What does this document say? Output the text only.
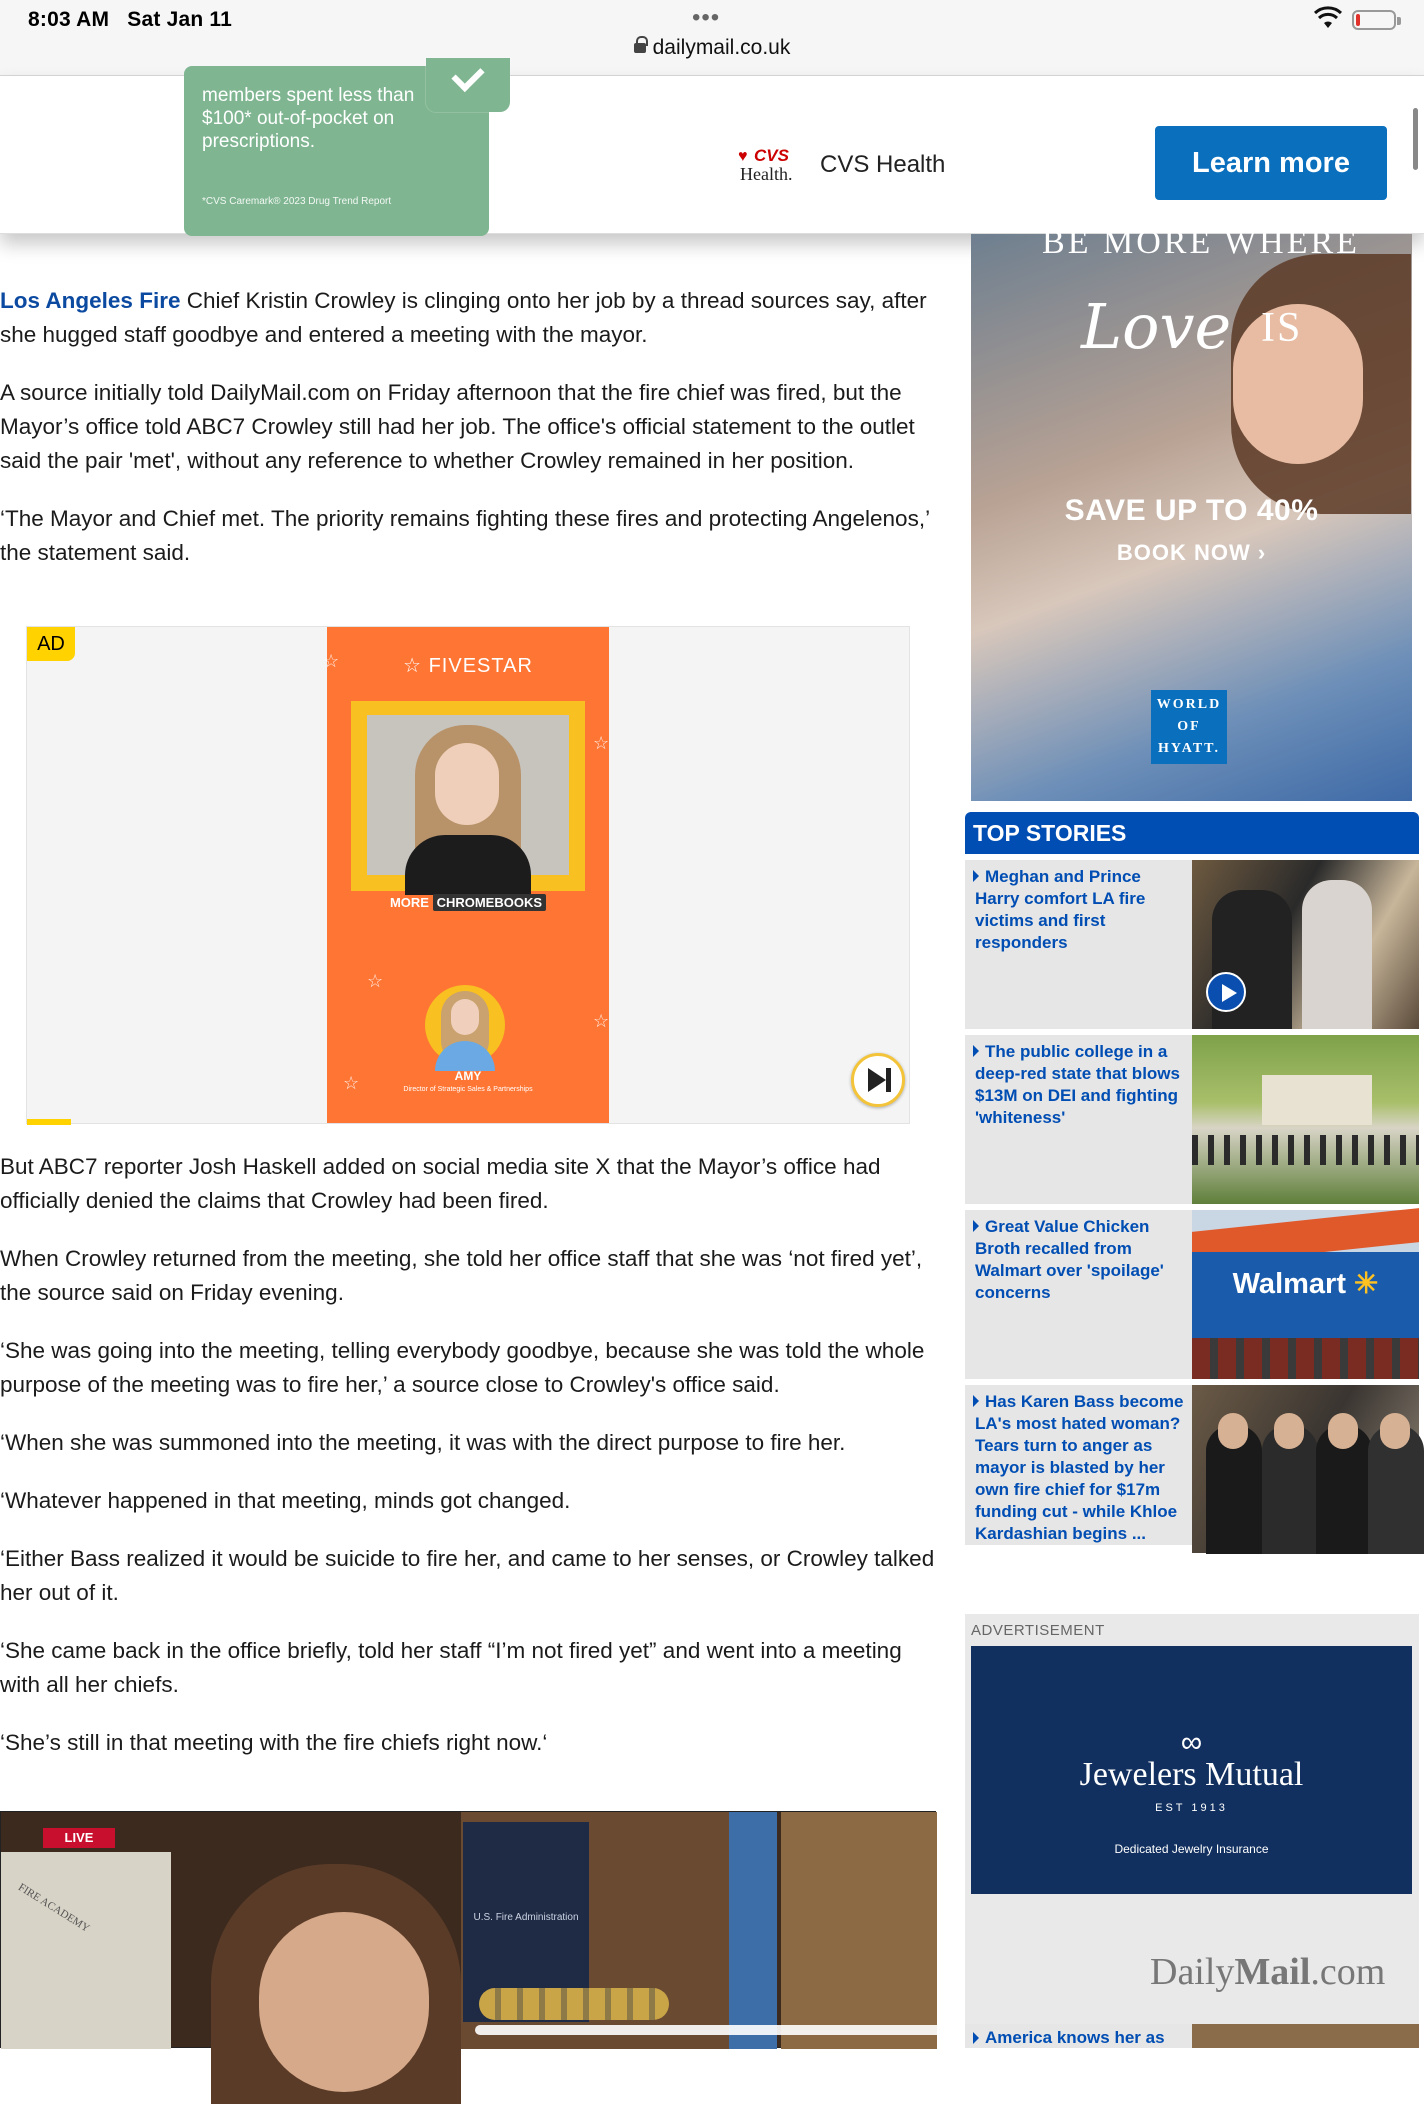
8:03 AM Sat Jan 11	•••
dailymail.co.uk
members spent less than $100* out-of-pocket on prescriptions.
*CVS Caremark® 2023 Drug Trend Report
♥ CVS
Health. CVS Health	Learn more

Los Angeles Fire Chief Kristin Crowley is clinging onto her job by a thread sources say, after she hugged staff goodbye and entered a meeting with the mayor.

A source initially told DailyMail.com on Friday afternoon that the fire chief was fired, but the Mayor’s office told ABC7 Crowley still had her job. The office's official statement to the outlet said the pair 'met', without any reference to whether Crowley remained in her position.

‘The Mayor and Chief met. The priority remains fighting these fires and protecting Angelenos,’ the statement said.

AD
☆
☆
☆
☆
☆
☆ FIVESTAR
MORE CHROMEBOOKS
AMY
Director of Strategic Sales & Partnerships

But ABC7 reporter Josh Haskell added on social media site X that the Mayor’s office had officially denied the claims that Crowley had been fired.

When Crowley returned from the meeting, she told her office staff that she was ‘not fired yet’, the source said on Friday evening.

‘She was going into the meeting, telling everybody goodbye, because she was told the whole purpose of the meeting was to fire her,’ a source close to Crowley's office said.

‘When she was summoned into the meeting, it was with the direct purpose to fire her.

‘Whatever happened in that meeting, minds got changed.

‘Either Bass realized it would be suicide to fire her, and came to her senses, or Crowley talked her out of it.

‘She came back in the office briefly, told her staff “I’m not fired yet” and went into a meeting with all her chiefs.

‘She’s still in that meeting with the fire chiefs right now.‘

FIRE ACADEMY	U.S. Fire Administration
LIVE
BE MORE WHERE
Love IS
SAVE UP TO 40%
BOOK NOW ›
WORLD
OF
HYATT.
TOP STORIES
Meghan and Prince Harry comfort LA fire victims and first responders
The public college in a deep-red state that blows $13M on DEI and fighting 'whiteness'
Great Value Chicken Broth recalled from Walmart over 'spoilage' concerns	Walmart ✳
Has Karen Bass become LA's most hated woman? Tears turn to anger as mayor is blasted by her own fire chief for $17m funding cut - while Khloe Kardashian begins ...
ADVERTISEMENT
∞
Jewelers Mutual
EST 1913
Dedicated Jewelry Insurance
DailyMail.com
America knows her as
